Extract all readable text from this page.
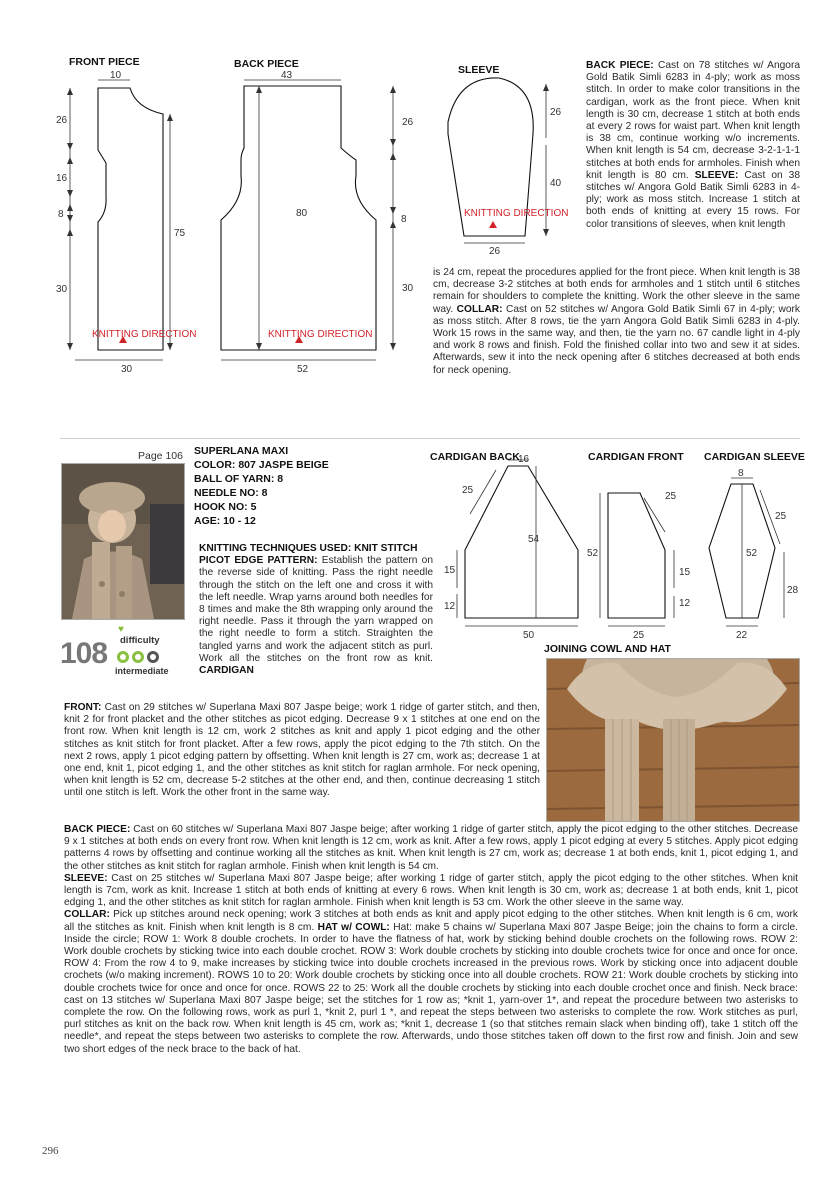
10
26
16
8
30
75
30
KNITTING DIRECTION
43
26
8
30
80
52
KNITTING DIRECTION
26
40
26
KNITTING DIRECTION
FRONT PIECE	BACK PIECE	SLEEVE	BACK PIECE: Cast on 78 stitches w/ Angora Gold Batik Simli 6283 in 4-ply; work as moss stitch. In order to make color transitions in the cardigan, work as the front piece. When knit length is 30 cm, decrease 1 stitch at both ends at every 2 rows for waist part. When knit length is 38 cm, continue working w/o increments. When knit length is 54 cm, decrease 3-2-1-1-1 stitches at both ends for armholes. Finish when knit length is 80 cm. SLEEVE: Cast on 38 stitches w/ Angora Gold Batik Simli 6283 in 4-ply; work as moss stitch. Increase 1 stitch at both ends of knitting at every 15 rows. For color transitions of sleeves, when knit length
is 24 cm, repeat the procedures applied for the front piece. When knit length is 38 cm, decrease 3-2 stitches at both ends for armholes and 1 stitch until 6 stitches remain for shoulders to complete the knitting. Work the other sleeve in the same way. COLLAR: Cast on 52 stitches w/ Angora Gold Batik Simli 67 in 4-ply; work as moss stitch. After 8 rows, tie the yarn Angora Gold Batik Simli 6283 in 4-ply. Work 15 rows in the same way, and then, tie the yarn no. 67 candle light in 4-ply and work 8 rows and finish. Fold the finished collar into two and sew it at sides. Afterwards, sew it into the neck opening after 6 stitches decreased at both ends for neck opening.
Page 106
♥
108 difficulty
intermediate
SUPERLANA MAXI
COLOR: 807 JASPE BEIGE
BALL OF YARN: 8
NEEDLE NO: 8
HOOK NO: 5
AGE: 10 - 12
16
25
54
15
12
50
25
52
15
12
25
8
25
52
28
22
CARDIGAN BACK	CARDIGAN FRONT CARDIGAN SLEEVE
JOINING COWL AND HAT
KNITTING TECHNIQUES USED: KNIT STITCH
PICOT EDGE PATTERN: Establish the pattern on the reverse side of knitting. Pass the right needle through the stitch on the left one and cross it with the left needle. Wrap yarns around both needles for 8 times and make the 8th wrapping only around the right needle. Pass it through the yarn wrapped on the right needle to form a stitch. Straighten the tangled yarns and work the adjacent stitch as purl. Work all the stitches on the front row as knit. CARDIGAN
FRONT: Cast on 29 stitches w/ Superlana Maxi 807 Jaspe beige; work 1 ridge of garter stitch, and then, knit 2 for front placket and the other stitches as picot edging. Decrease 9 x 1 stitches at one end on the front row. When knit length is 12 cm, work 2 stitches as knit and apply 1 picot edging and the other stitches as knit stitch for front placket. After a few rows, apply the picot edging to the 7th stitch. On the next 2 rows, apply 1 picot edging pattern by offsetting. When knit length is 27 cm, work as; decrease 1 at one end, knit 1, picot edging 1, and the other stitches as knit stitch for raglan armhole. For neck opening, when knit length is 52 cm, decrease 5-2 stitches at the other end, and then, continue decreasing 1 stitch until one stitch is left. Work the other front in the same way.
BACK PIECE: Cast on 60 stitches w/ Superlana Maxi 807 Jaspe beige; after working 1 ridge of garter stitch, apply the picot edging to the other stitches. Decrease 9 x 1 stitches at both ends on every front row. When knit length is 12 cm, work as knit. After a few rows, apply 1 picot edging at every 5 stitches. Apply picot edging patterns 4 rows by offsetting and continue working all the stitches as knit. When knit length is 27 cm, work as; decrease 1 at both ends, knit 1, picot edging 1, and the other stitches as knit stitch for raglan armhole. Finish when knit length is 54 cm.
SLEEVE: Cast on 25 stitches w/ Superlana Maxi 807 Jaspe beige; after working 1 ridge of garter stitch, apply the picot edging to the other stitches. When knit length is 7cm, work as knit. Increase 1 stitch at both ends of knitting at every 6 rows. When knit length is 30 cm, work as; decrease 1 at both ends, knit 1, picot edging 1, and the other stitches as knit stitch for raglan armhole. Finish when knit length is 53 cm. Work the other sleeve in the same way.
COLLAR: Pick up stitches around neck opening; work 3 stitches at both ends as knit and apply picot edging to the other stitches. When knit length is 6 cm, work all the stitches as knit. Finish when knit length is 8 cm. HAT w/ COWL: Hat: make 5 chains w/ Superlana Maxi 807 Jaspe Beige; join the chains to form a circle. Inside the circle; ROW 1: Work 8 double crochets. In order to have the flatness of hat, work by sticking behind double crochets on the following rows. ROW 2: Work double crochets by sticking twice into each double crochet. ROW 3: Work double crochets by sticking into double crochets twice for once and once for once. ROW 4: From the row 4 to 9, make increases by sticking twice into double crochets increased in the previous rows. Work by sticking once into adjacent double crochets (w/o making increment). ROWS 10 to 20: Work double crochets by sticking once into all double crochets. ROW 21: Work double crochets by sticking into double crochets twice for once and once for once. ROWS 22 to 25: Work all the double crochets by sticking into each double crochet once and finish. Neck brace: cast on 13 stitches w/ Superlana Maxi 807 Jaspe beige; set the stitches for 1 row as; *knit 1, yarn-over 1*, and repeat the procedure between two asterisks to complete the row. On the following rows, work as purl 1, *knit 2, purl 1 *, and repeat the steps between two asterisks to complete the row. Work stitches as purl, purl stitches as knit on the back row. When knit length is 45 cm, work as; *knit 1, decrease 1 (so that stitches remain slack when binding off), take 1 stitch off the needle*, and repeat the steps between two asterisks to complete the row. Afterwards, undo those stitches taken off down to the first row and finish. Join and sew two short edges of the neck brace to the back of hat.
296
